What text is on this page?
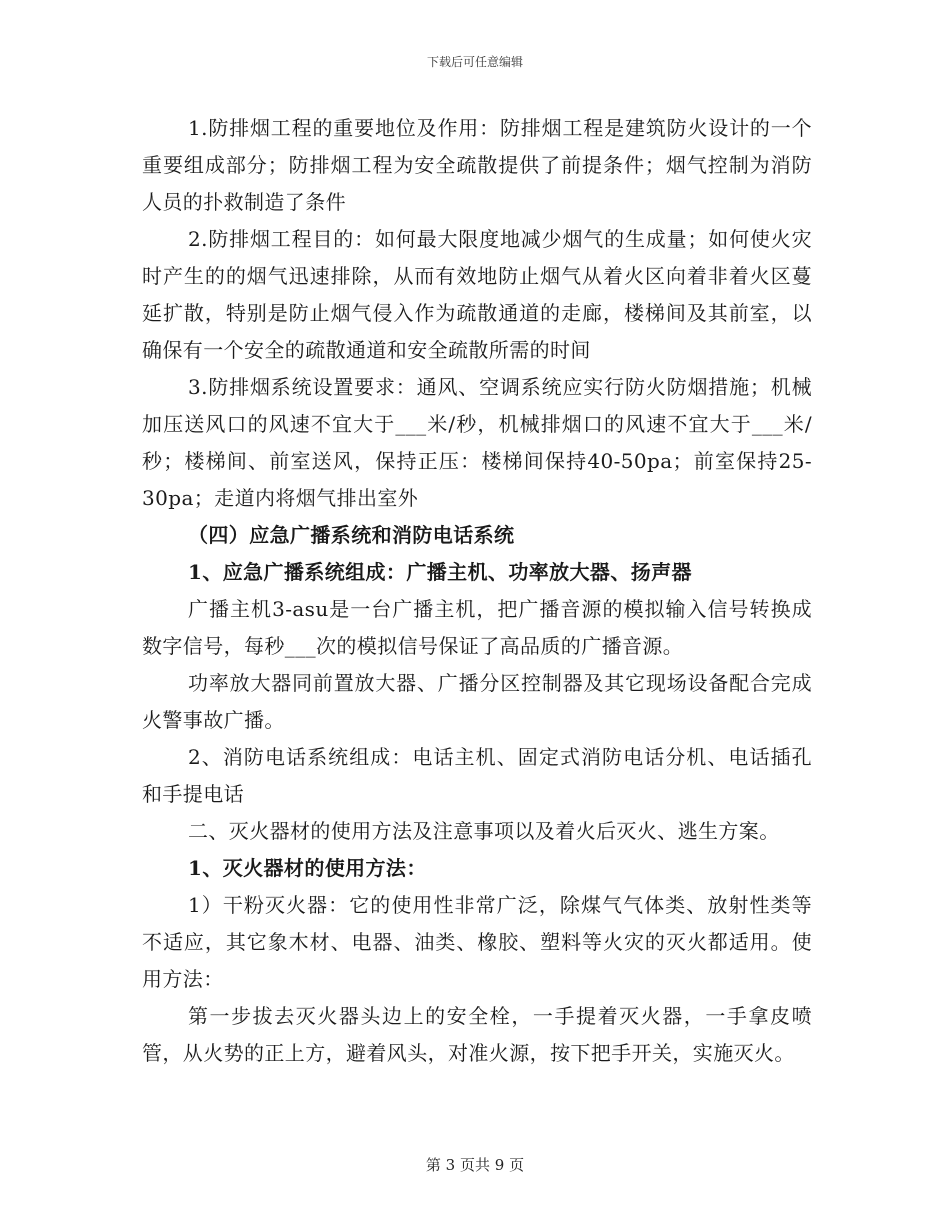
下载后可任意编辑

1.防排烟工程的重要地位及作用：防排烟工程是建筑防火设计的一个重要组成部分；防排烟工程为安全疏散提供了前提条件；烟气控制为消防人员的扑救制造了条件

2.防排烟工程目的：如何最大限度地减少烟气的生成量；如何使火灾时产生的的烟气迅速排除，从而有效地防止烟气从着火区向着非着火区蔓延扩散，特别是防止烟气侵入作为疏散通道的走廊，楼梯间及其前室，以确保有一个安全的疏散通道和安全疏散所需的时间

3.防排烟系统设置要求：通风、空调系统应实行防火防烟措施；机械加压送风口的风速不宜大于___米/秒，机械排烟口的风速不宜大于___米/秒；楼梯间、前室送风，保持正压：楼梯间保持40-50pa；前室保持25-30pa；走道内将烟气排出室外

（四）应急广播系统和消防电话系统

1、应急广播系统组成：广播主机、功率放大器、扬声器

广播主机3-asu是一台广播主机，把广播音源的模拟输入信号转换成数字信号，每秒___次的模拟信号保证了高品质的广播音源。

功率放大器同前置放大器、广播分区控制器及其它现场设备配合完成火警事故广播。

2、消防电话系统组成：电话主机、固定式消防电话分机、电话插孔和手提电话

二、灭火器材的使用方法及注意事项以及着火后灭火、逃生方案。

1、灭火器材的使用方法：

1）干粉灭火器：它的使用性非常广泛，除煤气气体类、放射性类等不适应，其它象木材、电器、油类、橡胶、塑料等火灾的灭火都适用。使用方法：

第一步拔去灭火器头边上的安全栓，一手提着灭火器，一手拿皮喷管，从火势的正上方，避着风头，对准火源，按下把手开关，实施灭火。

第 3 页共 9 页
